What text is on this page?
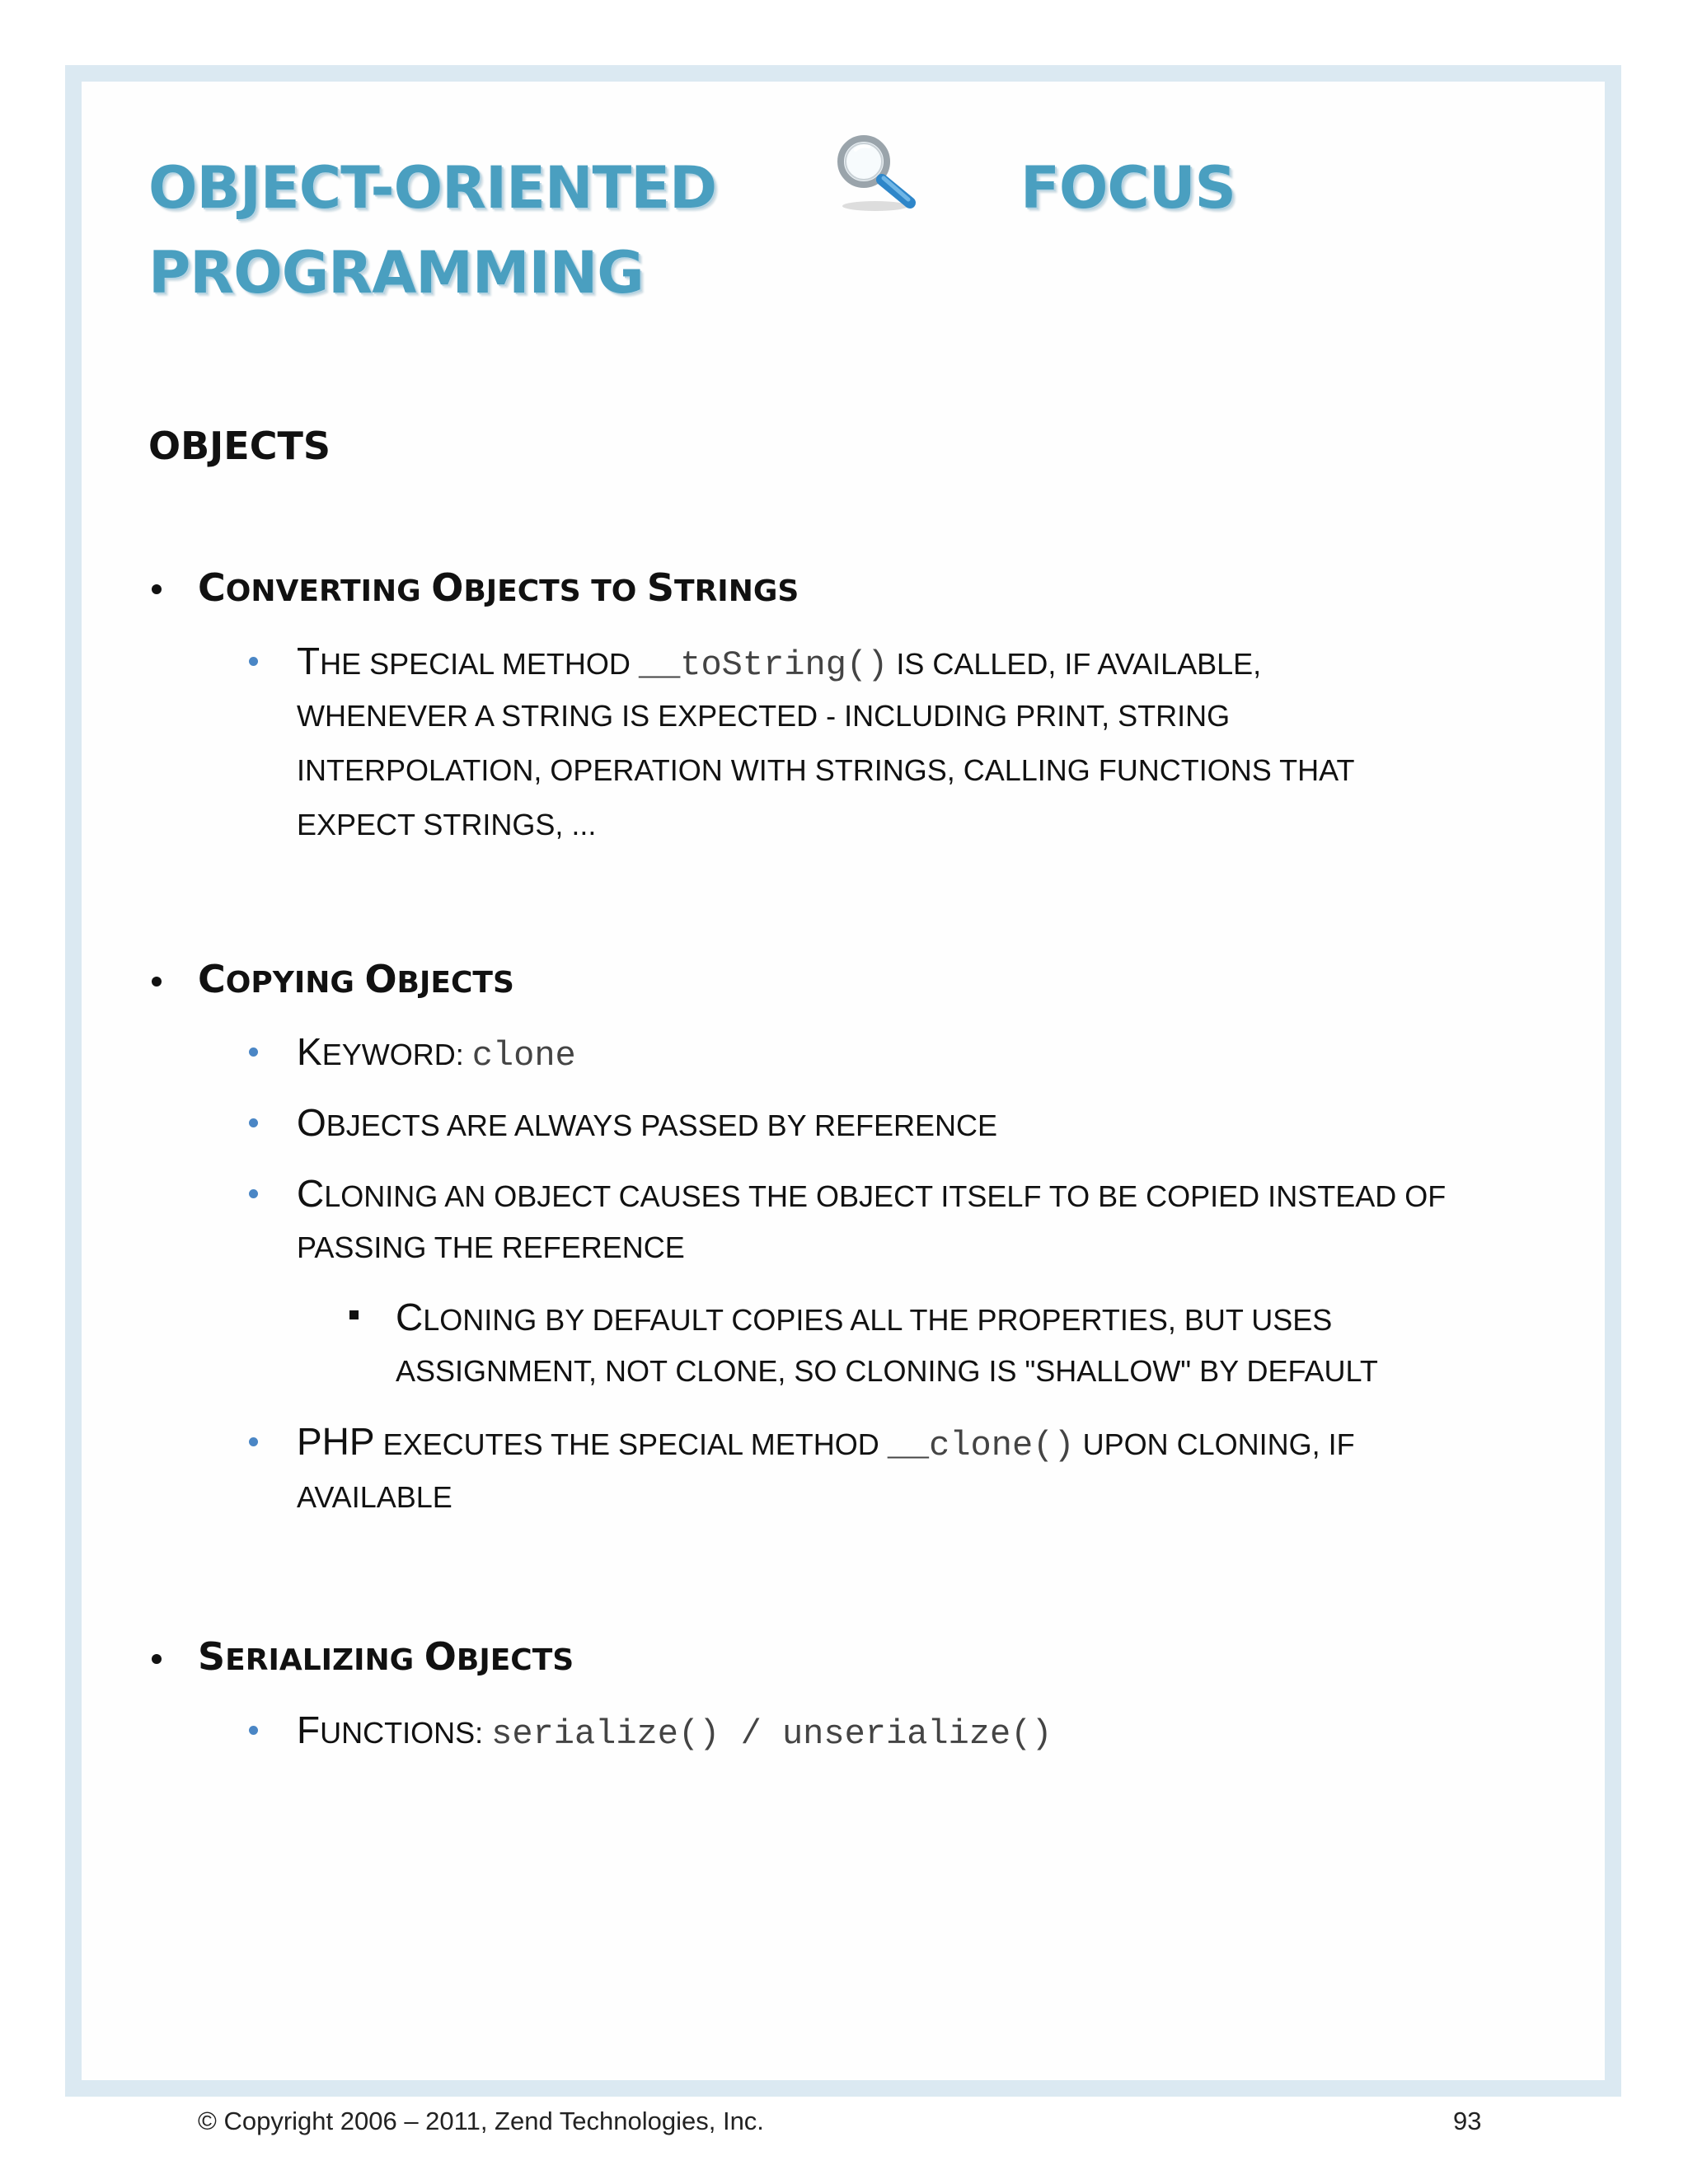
OBJECT-ORIENTED
PROGRAMMING
FOCUS
OBJECTS
CONVERTING OBJECTS TO STRINGS
THE SPECIAL METHOD __toString() IS CALLED, IF AVAILABLE,
WHENEVER A STRING IS EXPECTED - INCLUDING PRINT, STRING
INTERPOLATION, OPERATION WITH STRINGS, CALLING FUNCTIONS THAT
EXPECT STRINGS, ...
COPYING OBJECTS
KEYWORD: clone
OBJECTS ARE ALWAYS PASSED BY REFERENCE
CLONING AN OBJECT CAUSES THE OBJECT ITSELF TO BE COPIED INSTEAD OF
PASSING THE REFERENCE
CLONING BY DEFAULT COPIES ALL THE PROPERTIES, BUT USES
ASSIGNMENT, NOT CLONE, SO CLONING IS "SHALLOW" BY DEFAULT
PHP EXECUTES THE SPECIAL METHOD __clone() UPON CLONING, IF
AVAILABLE
SERIALIZING OBJECTS
FUNCTIONS: serialize() / unserialize()
© Copyright 2006 – 2011, Zend Technologies, Inc.	93
